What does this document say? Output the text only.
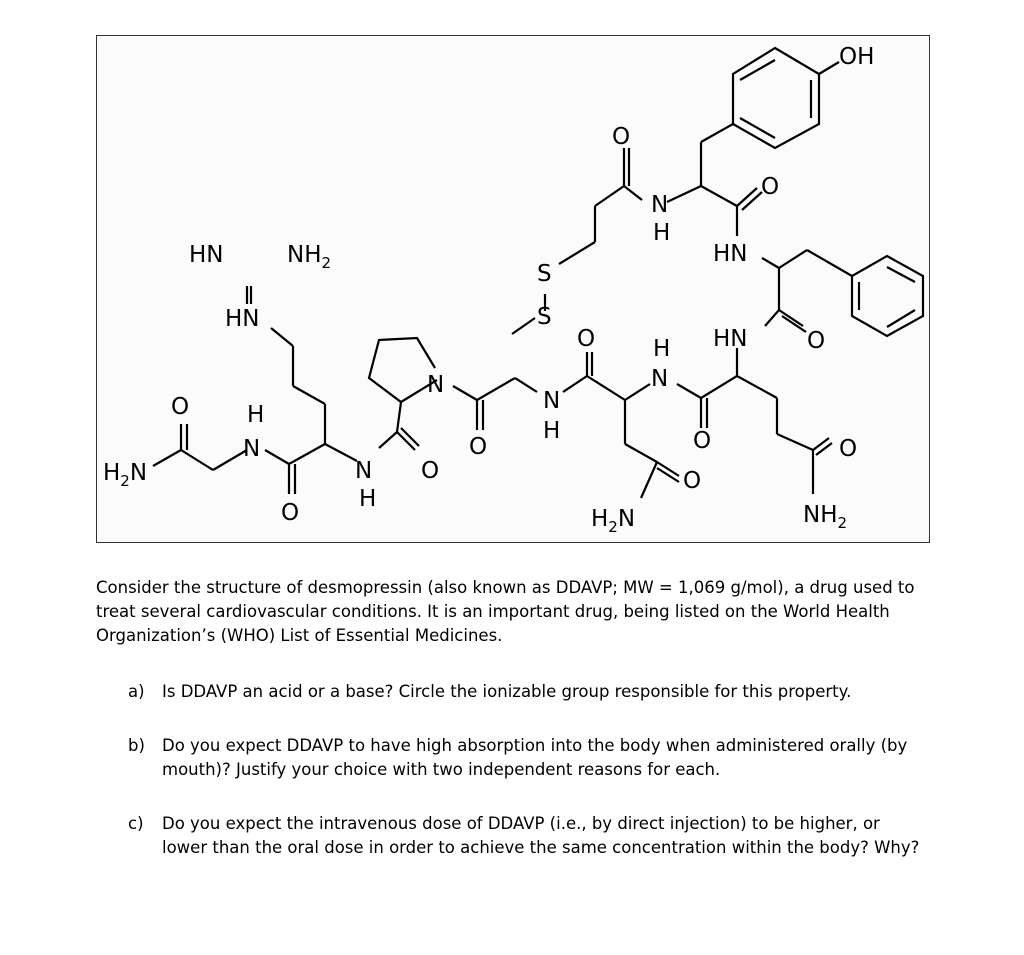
OH
O
N
H
O
HN
S
S
HN	O
H
N
O
N
H	O	O
O
O
N
N
H
O
O
HN
HN
H
N
O
$NH_2$
$H_2N$
$H_2N$	$NH_2$

Consider the structure of desmopressin (also known as DDAVP; MW = 1,069 g/mol), a drug used to treat several cardiovascular conditions. It is an important drug, being listed on the World Health Organization’s (WHO) List of Essential Medicines.

a) Is DDAVP an acid or a base? Circle the ionizable group responsible for this property.
b) Do you expect DDAVP to have high absorption into the body when administered orally (by mouth)? Justify your choice with two independent reasons for each.
c) Do you expect the intravenous dose of DDAVP (i.e., by direct injection) to be higher, or lower than the oral dose in order to achieve the same concentration within the body? Why?
